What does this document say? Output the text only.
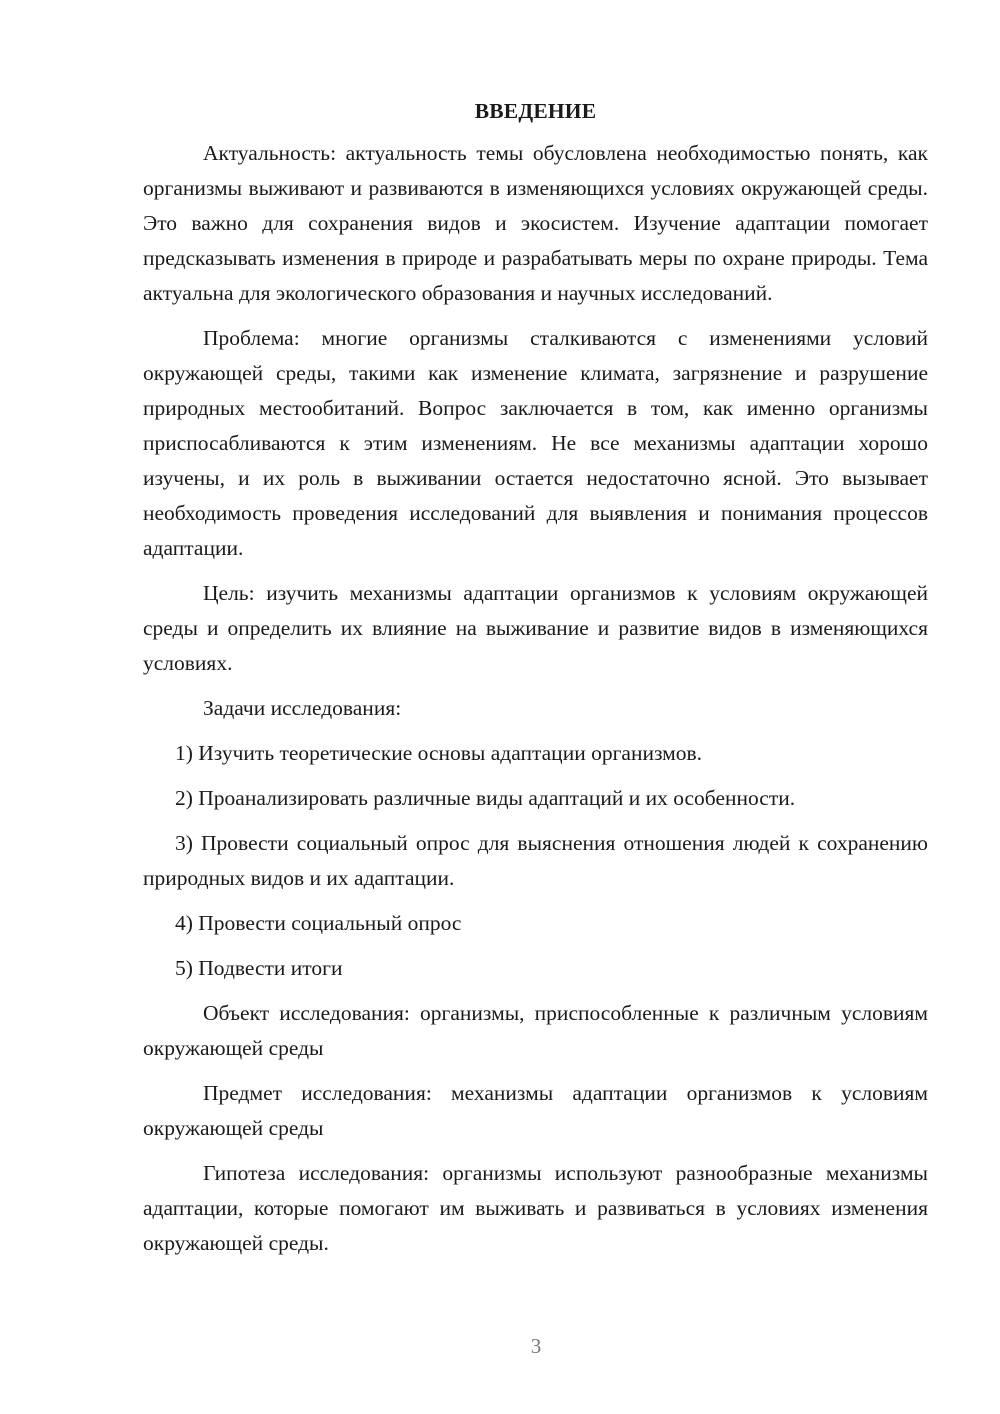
ВВЕДЕНИЕ

Актуальность: актуальность темы обусловлена необходимостью понять, как организмы выживают и развиваются в изменяющихся условиях окружающей среды. Это важно для сохранения видов и экосистем. Изучение адаптации помогает предсказывать изменения в природе и разрабатывать меры по охране природы. Тема актуальна для экологического образования и научных исследований.

Проблема: многие организмы сталкиваются с изменениями условий окружающей среды, такими как изменение климата, загрязнение и разрушение природных местообитаний. Вопрос заключается в том, как именно организмы приспосабливаются к этим изменениям. Не все механизмы адаптации хорошо изучены, и их роль в выживании остается недостаточно ясной. Это вызывает необходимость проведения исследований для выявления и понимания процессов адаптации.

Цель: изучить механизмы адаптации организмов к условиям окружающей среды и определить их влияние на выживание и развитие видов в изменяющихся условиях.

Задачи исследования:

1) Изучить теоретические основы адаптации организмов.

2) Проанализировать различные виды адаптаций и их особенности.

3) Провести социальный опрос для выяснения отношения людей к сохранению природных видов и их адаптации.

4) Провести социальный опрос

5) Подвести итоги

Объект исследования: организмы, приспособленные к различным условиям окружающей среды

Предмет исследования: механизмы адаптации организмов к условиям окружающей среды

Гипотеза исследования: организмы используют разнообразные механизмы адаптации, которые помогают им выживать и развиваться в условиях изменения окружающей среды.

3
